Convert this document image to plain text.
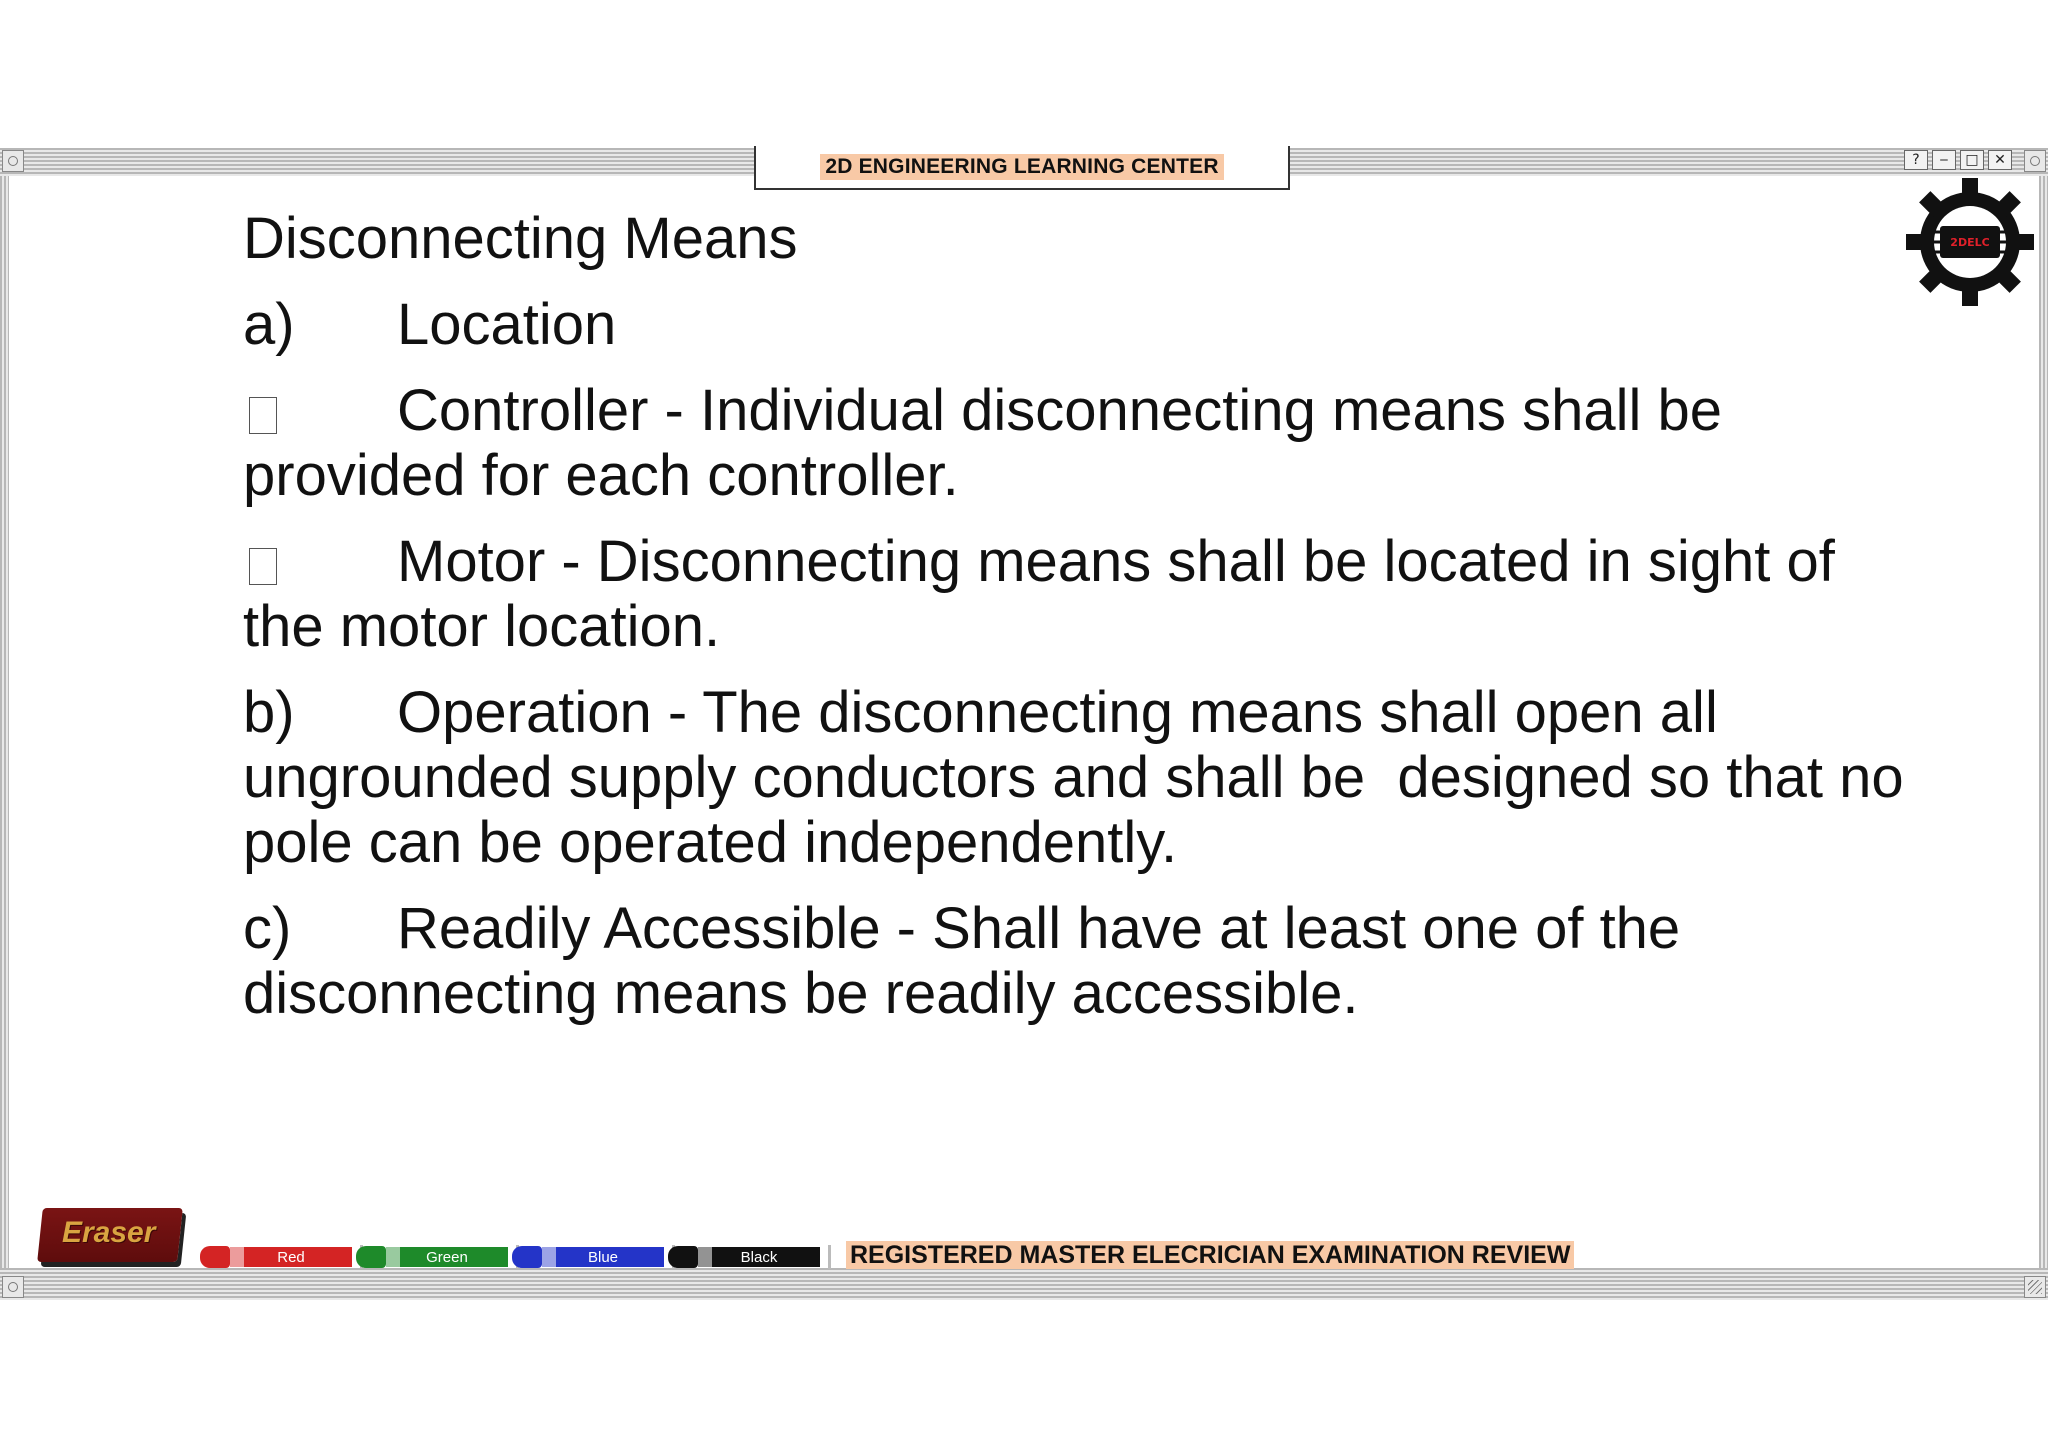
2D ENGINEERING LEARNING CENTER	?	‒	□	✕
2DELC

Disconnecting Means

a) Location

Controller - Individual disconnecting means shall be

provided for each controller.

Motor - Disconnecting means shall be located in sight of

the motor location.

b) Operation - The disconnecting means shall open all

ungrounded supply conductors and shall be  designed so that no

pole can be operated independently.

c) Readily Accessible - Shall have at least one of the

disconnecting means be readily accessible.

Eraser
Red	Green	Blue	Black	REGISTERED MASTER ELECRICIAN EXAMINATION REVIEW
